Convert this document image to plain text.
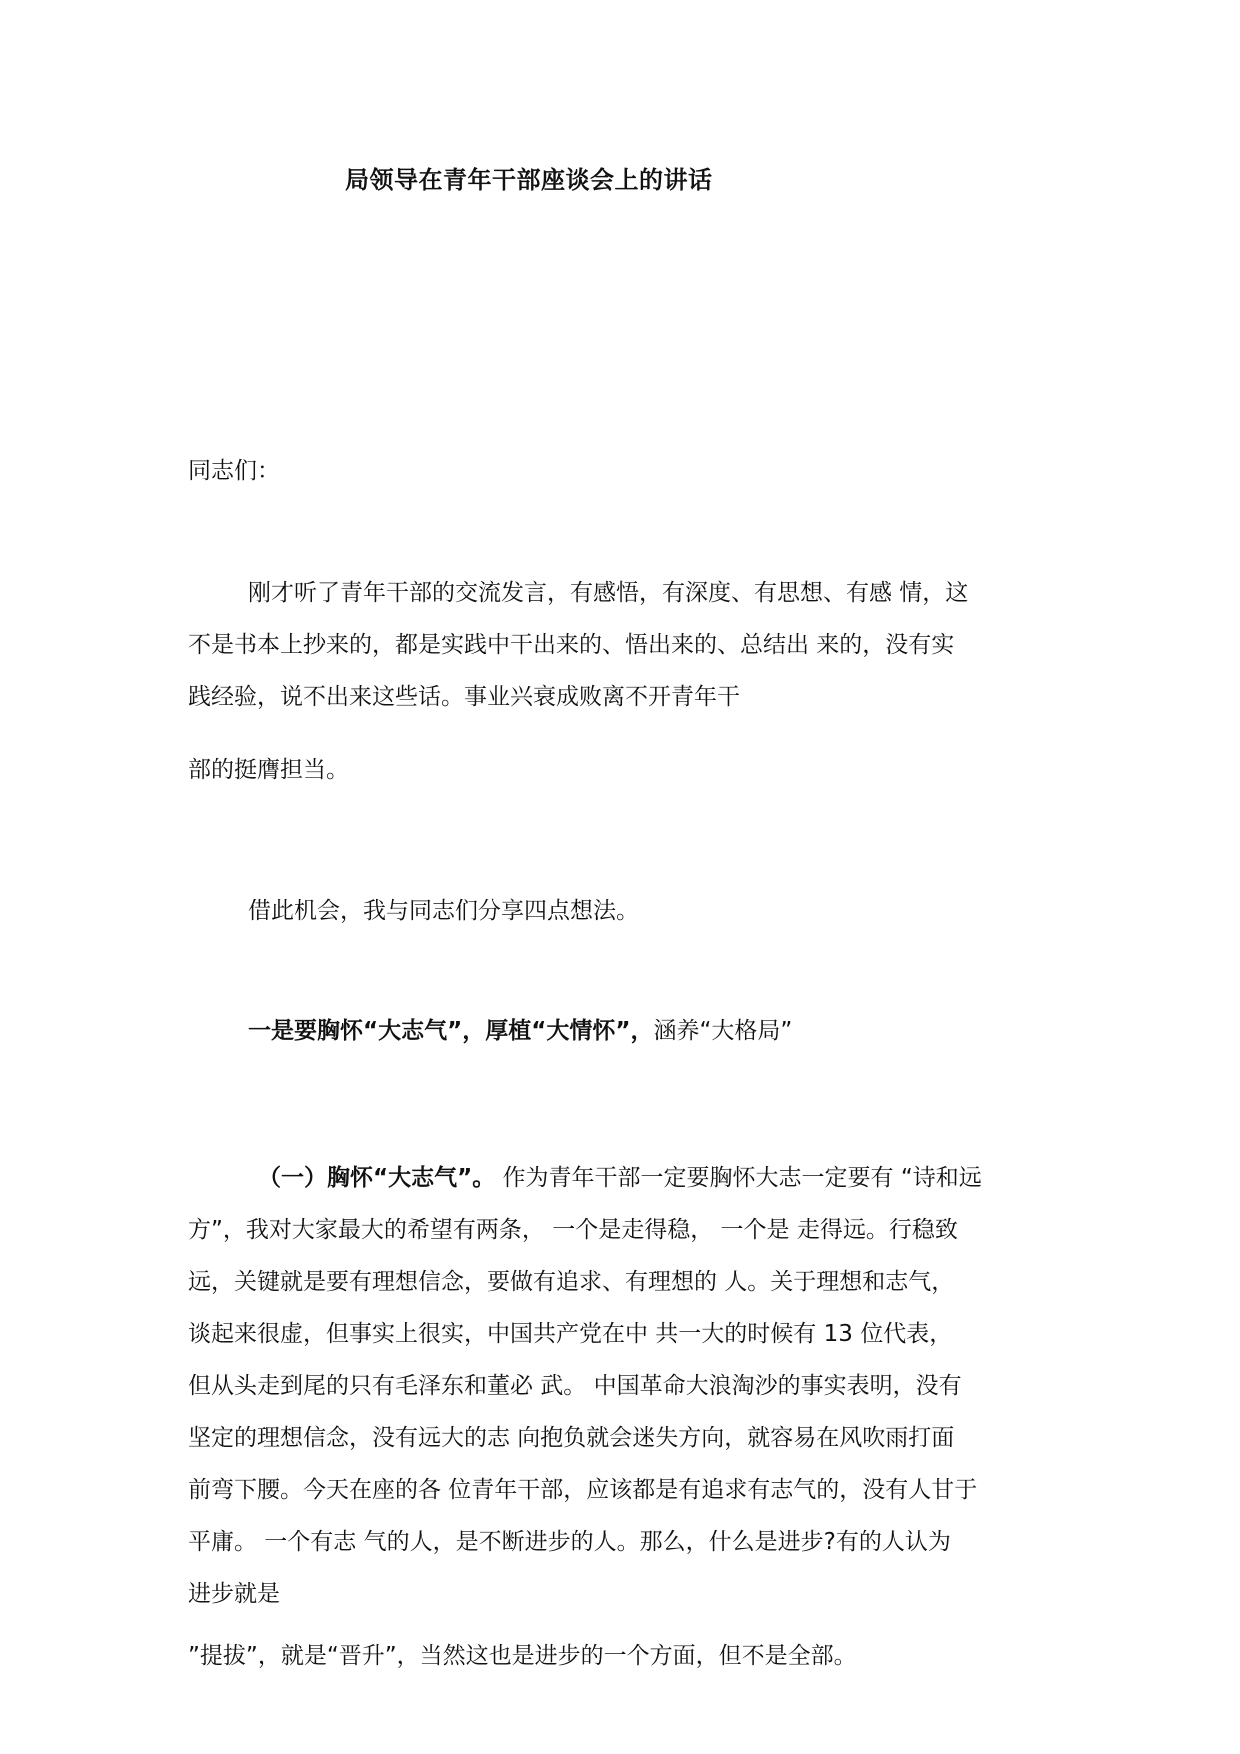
局领导在青年干部座谈会上的讲话
同志们：
刚才听了青年干部的交流发言，有感悟，有深度、有思想、有感 情，这
不是书本上抄来的，都是实践中干出来的、悟出来的、总结出 来的，没有实
践经验，说不出来这些话。事业兴衰成败离不开青年干
部的挺膺担当。
借此机会，我与同志们分享四点想法。
一是要胸怀“大志气”，厚植“大情怀”，涵养“大格局”
（一）胸怀“大志气”。 作为青年干部一定要胸怀大志一定要有 “诗和远
方”，我对大家最大的希望有两条， 一个是走得稳， 一个是 走得远。行稳致
远，关键就是要有理想信念，要做有追求、有理想的 人。关于理想和志气，
谈起来很虚，但事实上很实，中国共产党在中 共一大的时候有 13 位代表，
但从头走到尾的只有毛泽东和董必 武。 中国革命大浪淘沙的事实表明，没有
坚定的理想信念，没有远大的志 向抱负就会迷失方向，就容易在风吹雨打面
前弯下腰。今天在座的各 位青年干部，应该都是有追求有志气的，没有人甘于
平庸。 一个有志 气的人，是不断进步的人。那么，什么是进步?有的人认为
进步就是
”提拔”，就是“晋升”，当然这也是进步的一个方面，但不是全部。
